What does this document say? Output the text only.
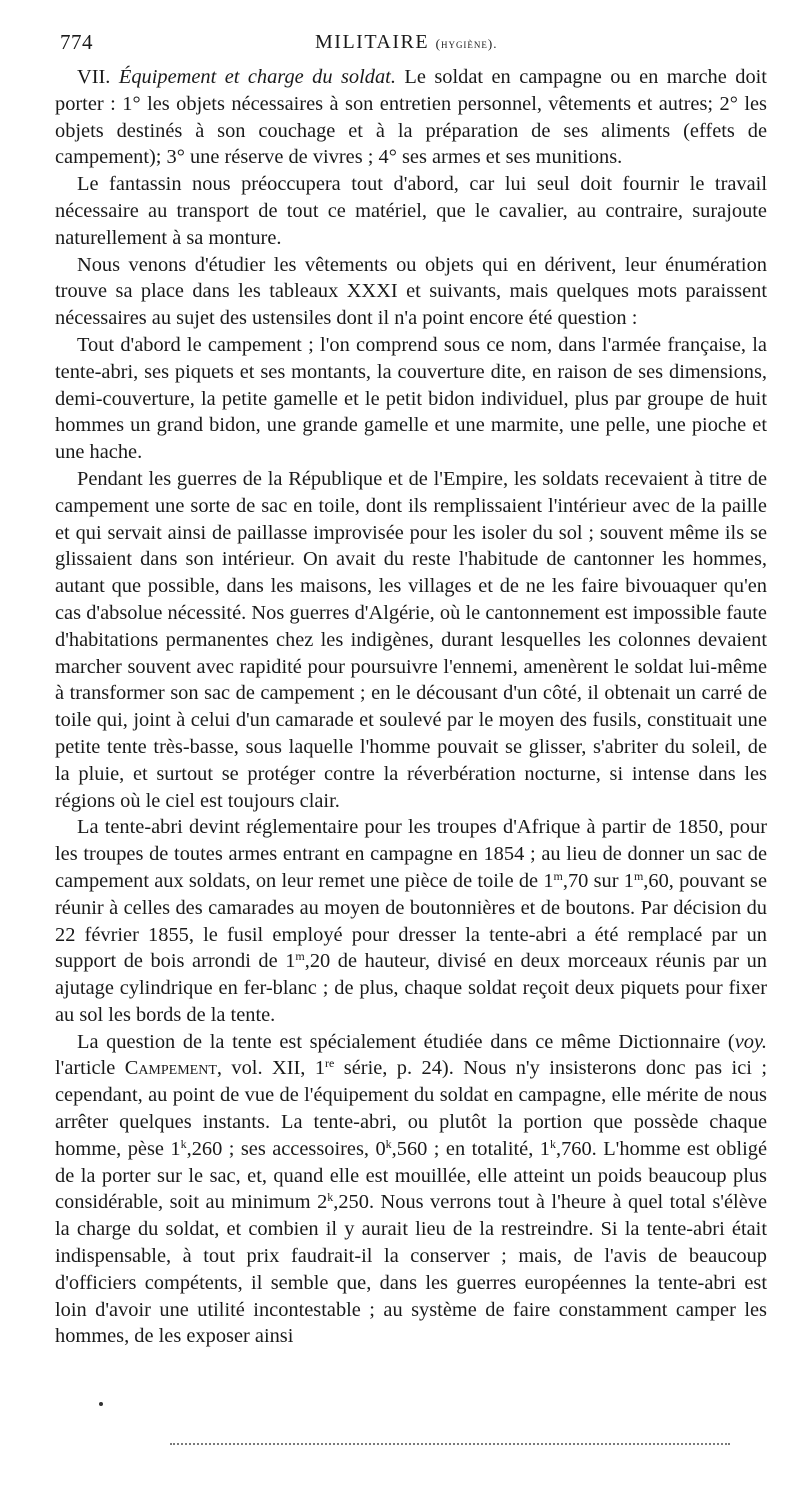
774	MILITAIRE (hygiène).

VII. Équipement et charge du soldat. Le soldat en campagne ou en marche doit porter : 1° les objets nécessaires à son entretien personnel, vêtements et autres; 2° les objets destinés à son couchage et à la préparation de ses aliments (effets de campement); 3° une réserve de vivres ; 4° ses armes et ses munitions.

Le fantassin nous préoccupera tout d'abord, car lui seul doit fournir le travail nécessaire au transport de tout ce matériel, que le cavalier, au contraire, surajoute naturellement à sa monture.

Nous venons d'étudier les vêtements ou objets qui en dérivent, leur énumération trouve sa place dans les tableaux XXXI et suivants, mais quelques mots paraissent nécessaires au sujet des ustensiles dont il n'a point encore été question :

Tout d'abord le campement ; l'on comprend sous ce nom, dans l'armée française, la tente-abri, ses piquets et ses montants, la couverture dite, en raison de ses dimensions, demi-couverture, la petite gamelle et le petit bidon individuel, plus par groupe de huit hommes un grand bidon, une grande gamelle et une marmite, une pelle, une pioche et une hache.

Pendant les guerres de la République et de l'Empire, les soldats recevaient à titre de campement une sorte de sac en toile, dont ils remplissaient l'intérieur avec de la paille et qui servait ainsi de paillasse improvisée pour les isoler du sol ; souvent même ils se glissaient dans son intérieur. On avait du reste l'habitude de cantonner les hommes, autant que possible, dans les maisons, les villages et de ne les faire bivouaquer qu'en cas d'absolue nécessité. Nos guerres d'Algérie, où le cantonnement est impossible faute d'habitations permanentes chez les indigènes, durant lesquelles les colonnes devaient marcher souvent avec rapidité pour poursuivre l'ennemi, amenèrent le soldat lui-même à transformer son sac de campement ; en le décousant d'un côté, il obtenait un carré de toile qui, joint à celui d'un camarade et soulevé par le moyen des fusils, constituait une petite tente très-basse, sous laquelle l'homme pouvait se glisser, s'abriter du soleil, de la pluie, et surtout se protéger contre la réverbération nocturne, si intense dans les régions où le ciel est toujours clair.

La tente-abri devint réglementaire pour les troupes d'Afrique à partir de 1850, pour les troupes de toutes armes entrant en campagne en 1854 ; au lieu de donner un sac de campement aux soldats, on leur remet une pièce de toile de 1$^m$,70 sur 1$^m$,60, pouvant se réunir à celles des camarades au moyen de boutonnières et de boutons. Par décision du 22 février 1855, le fusil employé pour dresser la tente-abri a été remplacé par un support de bois arrondi de 1$^m$,20 de hauteur, divisé en deux morceaux réunis par un ajutage cylindrique en fer-blanc ; de plus, chaque soldat reçoit deux piquets pour fixer au sol les bords de la tente.

La question de la tente est spécialement étudiée dans ce même Dictionnaire (voy. l'article Campement, vol. XII, 1re série, p. 24). Nous n'y insisterons donc pas ici ; cependant, au point de vue de l'équipement du soldat en campagne, elle mérite de nous arrêter quelques instants. La tente-abri, ou plutôt la portion que possède chaque homme, pèse 1$^k$,260 ; ses accessoires, 0$^k$,560 ; en totalité, 1$^k$,760. L'homme est obligé de la porter sur le sac, et, quand elle est mouillée, elle atteint un poids beaucoup plus considérable, soit au minimum 2$^k$,250. Nous verrons tout à l'heure à quel total s'élève la charge du soldat, et combien il y aurait lieu de la restreindre. Si la tente-abri était indispensable, à tout prix faudrait-il la conserver ; mais, de l'avis de beaucoup d'officiers compétents, il semble que, dans les guerres européennes la tente-abri est loin d'avoir une utilité incontestable ; au système de faire constamment camper les hommes, de les exposer ainsi
